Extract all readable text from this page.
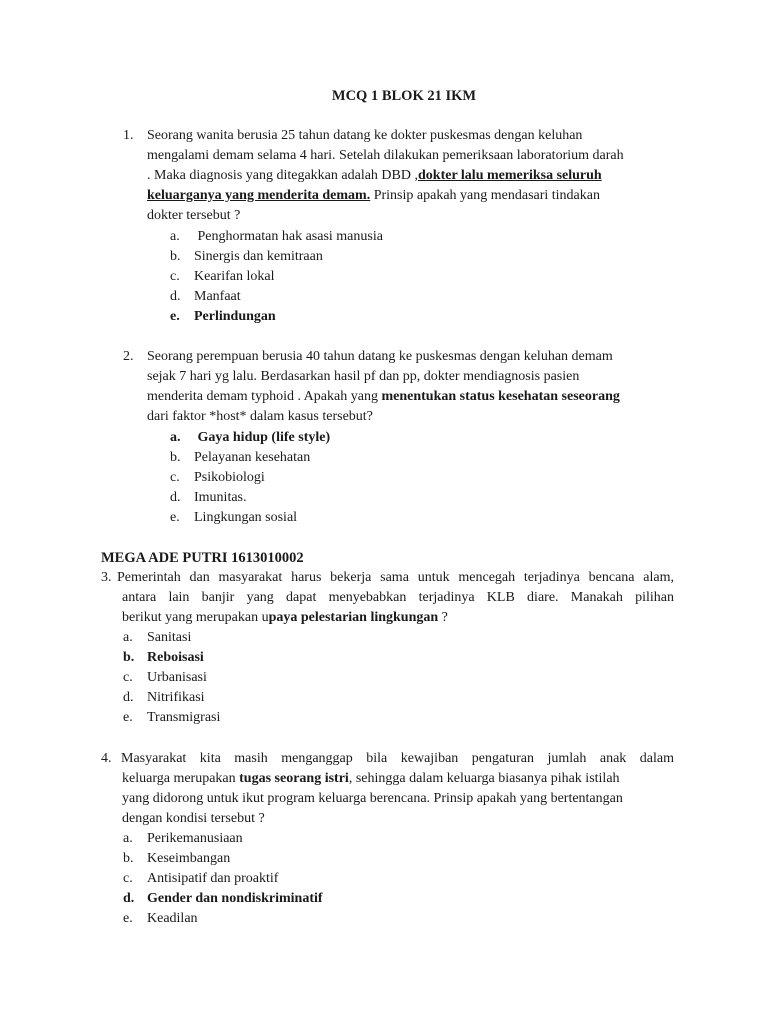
MCQ 1 BLOK 21 IKM
1. Seorang wanita berusia 25 tahun datang ke dokter puskesmas dengan keluhan
mengalami demam selama 4 hari. Setelah dilakukan pemeriksaan laboratorium darah
. Maka diagnosis yang ditegakkan adalah DBD ,dokter lalu memeriksa seluruh
keluarganya yang menderita demam. Prinsip apakah yang mendasari tindakan
dokter tersebut ?
a. Penghormatan hak asasi manusia
b. Sinergis dan kemitraan
c. Kearifan lokal
d. Manfaat
e. Perlindungan
2. Seorang perempuan berusia 40 tahun datang ke puskesmas dengan keluhan demam
sejak 7 hari yg lalu. Berdasarkan hasil pf dan pp, dokter mendiagnosis pasien
menderita demam typhoid . Apakah yang menentukan status kesehatan seseorang
dari faktor *host* dalam kasus tersebut?
a. Gaya hidup (life style)
b. Pelayanan kesehatan
c. Psikobiologi
d. Imunitas.
e. Lingkungan sosial
MEGA ADE PUTRI 1613010002
3. Pemerintah dan masyarakat harus bekerja sama untuk mencegah terjadinya bencana alam,
antara lain banjir yang dapat menyebabkan terjadinya KLB diare. Manakah pilihan
berikut yang merupakan upaya pelestarian lingkungan ?
a. Sanitasi
b. Reboisasi
c. Urbanisasi
d. Nitrifikasi
e. Transmigrasi
4. Masyarakat kita masih menganggap bila kewajiban pengaturan jumlah anak dalam
keluarga merupakan tugas seorang istri, sehingga dalam keluarga biasanya pihak istilah
yang didorong untuk ikut program keluarga berencana. Prinsip apakah yang bertentangan
dengan kondisi tersebut ?
a. Perikemanusiaan
b. Keseimbangan
c. Antisipatif dan proaktif
d. Gender dan nondiskriminatif
e. Keadilan
